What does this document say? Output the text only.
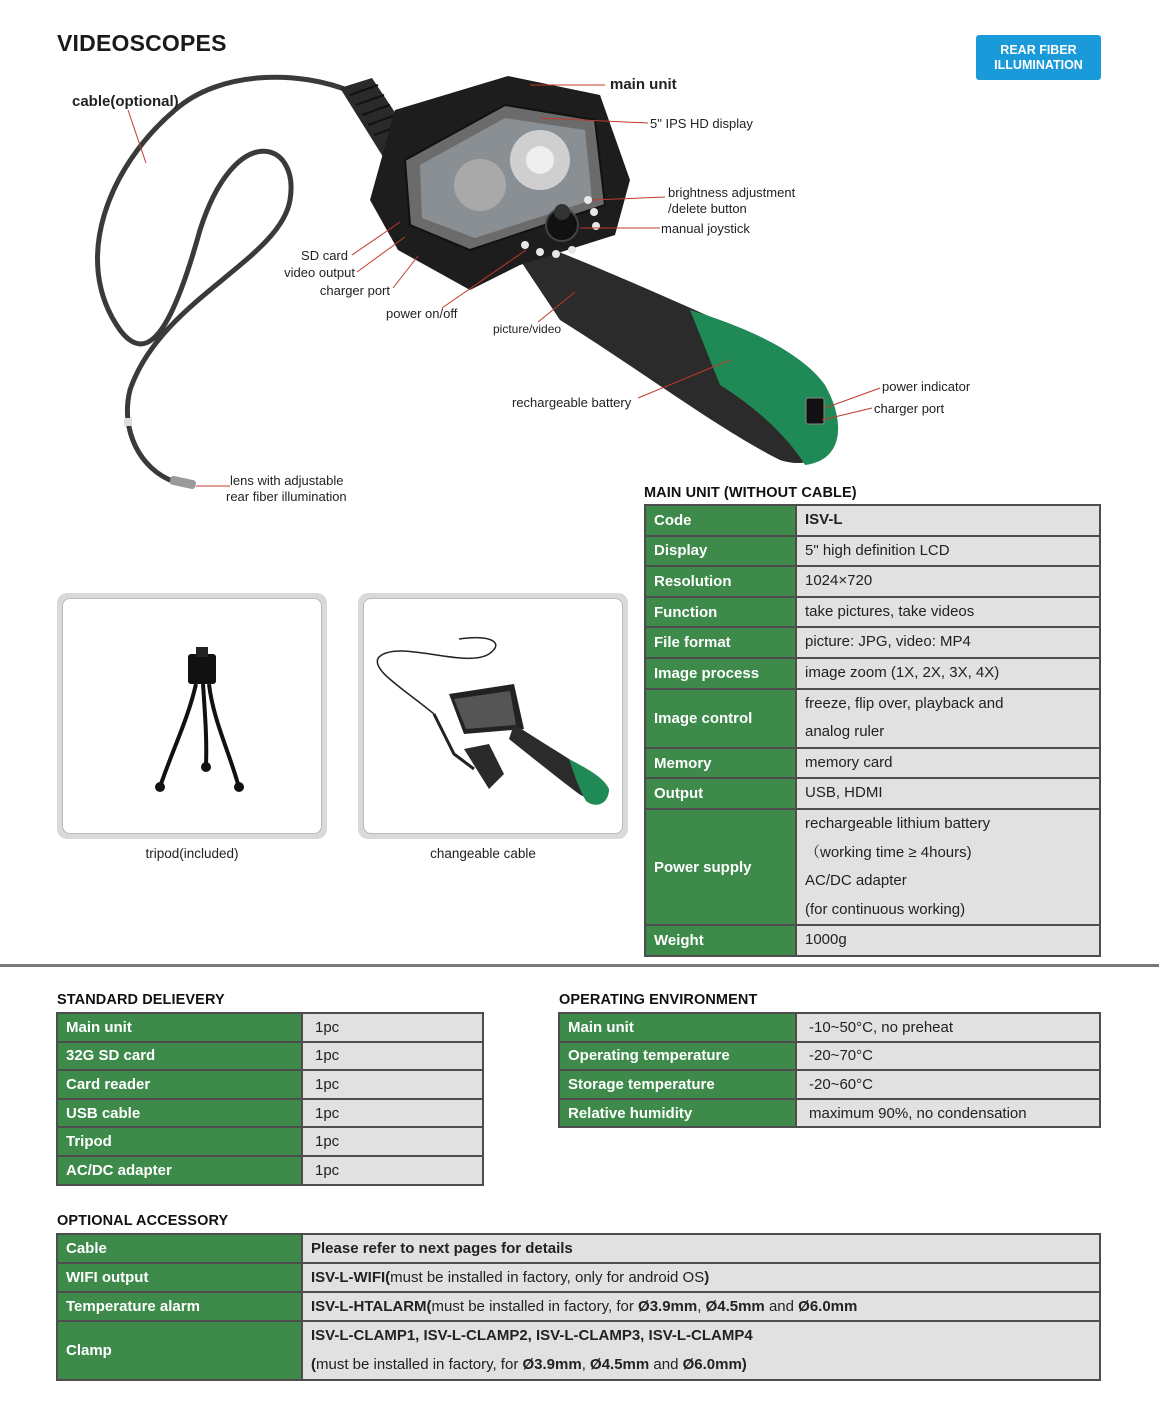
VIDEOSCOPES	REAR FIBER
ILLUMINATION
cable(optional)
main unit
5" IPS HD display
brightness adjustment
/delete button
manual joystick
SD card
video output
charger port
power on/off
picture/video
rechargeable battery
power indicator
charger port
lens with adjustable
rear fiber illumination
tripod(included)	changeable cable
MAIN UNIT (WITHOUT CABLE)
Code	ISV-L

Display	5" high definition LCD

Resolution	1024×720

Function	take pictures, take videos

File format	picture: JPG, video: MP4

Image process	image zoom (1X, 2X, 3X, 4X)

Image control	freeze, flip over, playback and
analog ruler

Memory	memory card

Output	USB, HDMI

Power supply	rechargeable lithium battery
（working time ≥ 4hours)
AC/DC adapter
(for continuous working)

Weight	1000g
STANDARD DELIEVERY
Main unit	1pc
32G SD card	1pc
Card reader	1pc
USB cable	1pc
Tripod	1pc
AC/DC adapter	1pc
OPERATING ENVIRONMENT
Main unit	-10~50°C, no preheat
Operating temperature	-20~70°C
Storage temperature	-20~60°C
Relative humidity	maximum 90%, no condensation
OPTIONAL ACCESSORY
Cable	Please refer to next pages for details
WIFI output	ISV-L-WIFI(must be installed in factory, only for android OS)
Temperature alarm	ISV-L-HTALARM(must be installed in factory, for Ø3.9mm, Ø4.5mm and Ø6.0mm
Clamp	ISV-L-CLAMP1, ISV-L-CLAMP2, ISV-L-CLAMP3, ISV-L-CLAMP4
(must be installed in factory, for Ø3.9mm, Ø4.5mm and Ø6.0mm)
